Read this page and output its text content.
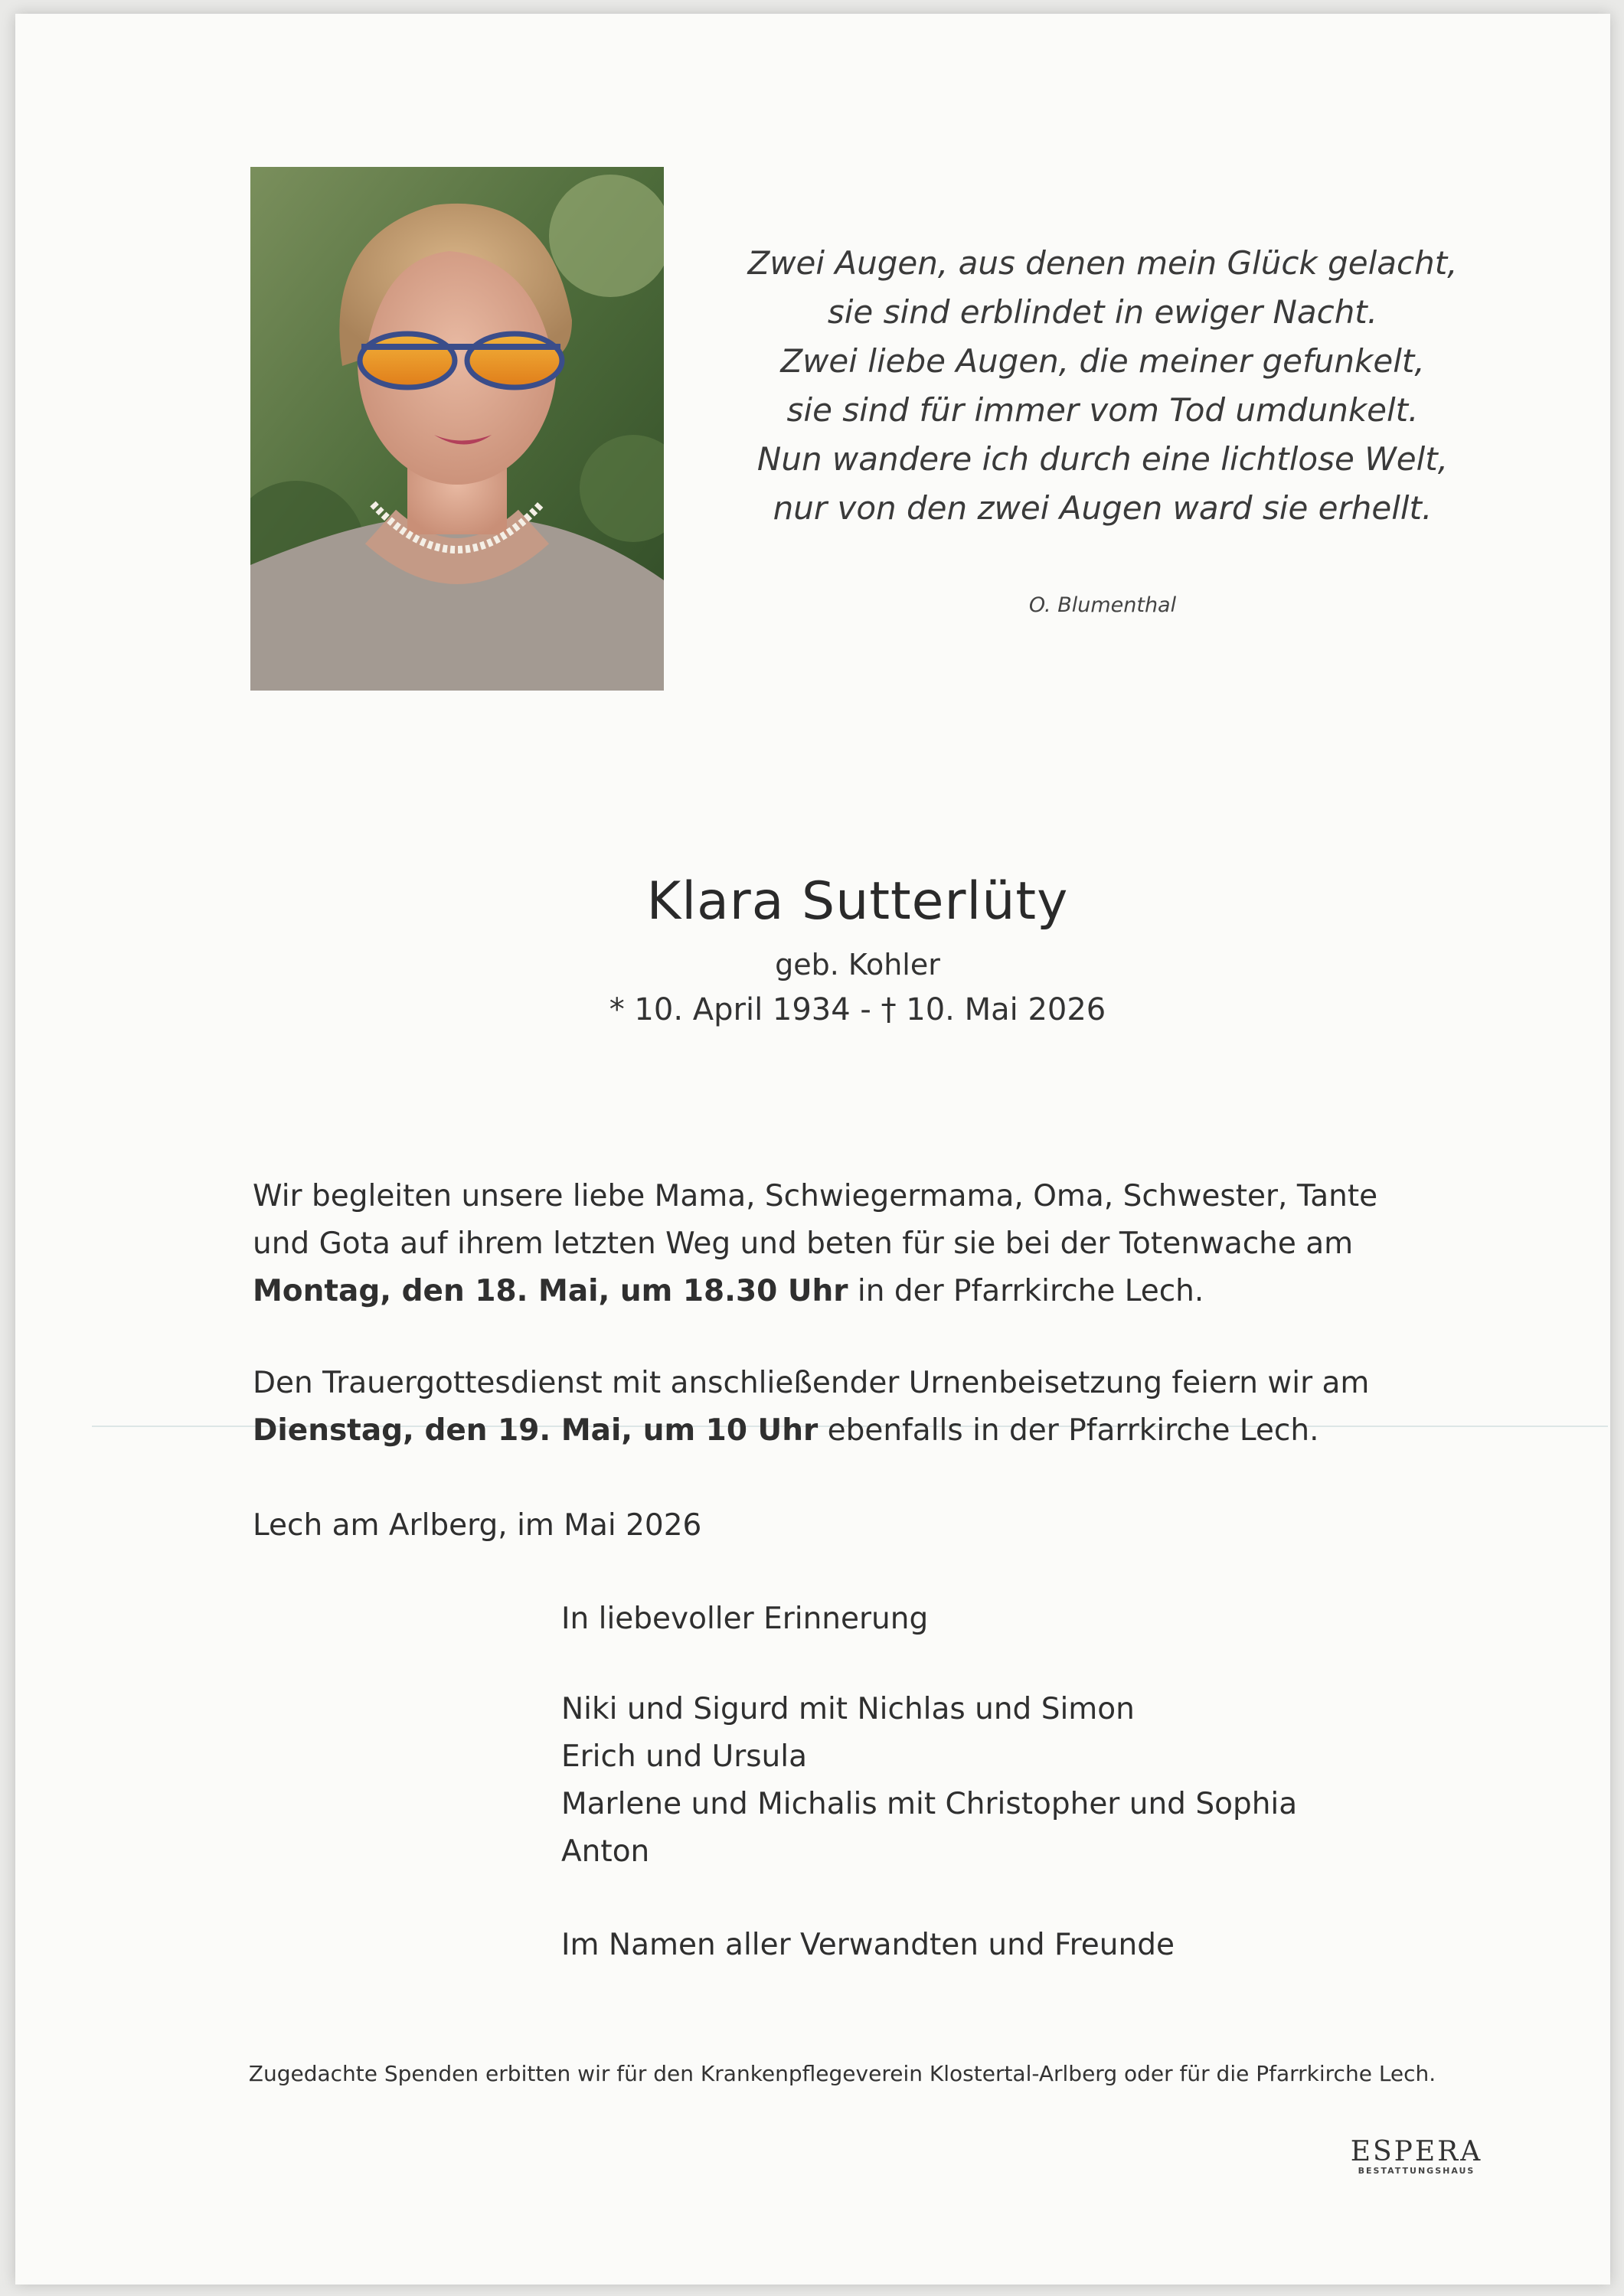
Zwei Augen, aus denen mein Glück gelacht,
sie sind erblindet in ewiger Nacht.
Zwei liebe Augen, die meiner gefunkelt,
sie sind für immer vom Tod umdunkelt.
Nun wandere ich durch eine lichtlose Welt,
nur von den zwei Augen ward sie erhellt.
O. Blumenthal
Klara Sutterlüty
geb. Kohler
* 10. April 1934 - † 10. Mai 2026
Wir begleiten unsere liebe Mama, Schwiegermama, Oma, Schwester, Tante
und Gota auf ihrem letzten Weg und beten für sie bei der Totenwache am
Montag, den 18. Mai, um 18.30 Uhr in der Pfarrkirche Lech.
Den Trauergottesdienst mit anschließender Urnenbeisetzung feiern wir am
Dienstag, den 19. Mai, um 10 Uhr ebenfalls in der Pfarrkirche Lech.
Lech am Arlberg, im Mai 2026
In liebevoller Erinnerung
Niki und Sigurd mit Nichlas und Simon
Erich und Ursula
Marlene und Michalis mit Christopher und Sophia
Anton
Im Namen aller Verwandten und Freunde
Zugedachte Spenden erbitten wir für den Krankenpflegeverein Klostertal-Arlberg oder für die Pfarrkirche Lech.
ESPERA
BESTATTUNGSHAUS
